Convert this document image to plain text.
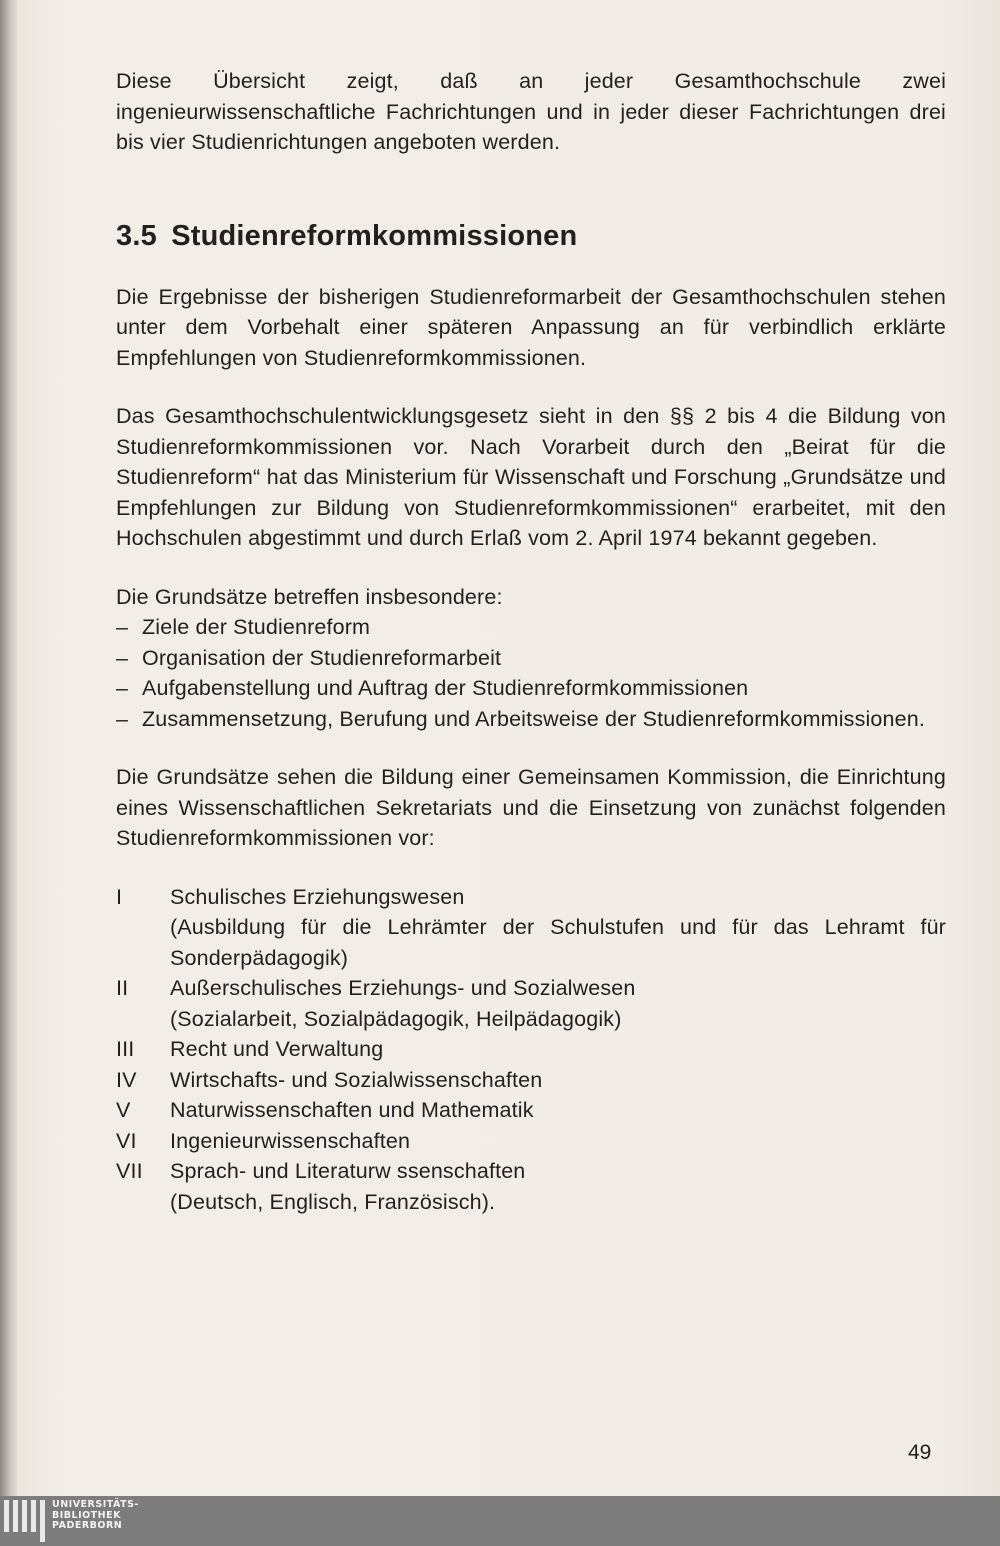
Diese Übersicht zeigt, daß an jeder Gesamthochschule zwei ingenieurwissenschaftliche Fachrichtungen und in jeder dieser Fachrichtungen drei bis vier Studienrichtungen angeboten werden.

3.5 Studienreformkommissionen

Die Ergebnisse der bisherigen Studienreformarbeit der Gesamthochschulen stehen unter dem Vorbehalt einer späteren Anpassung an für verbindlich erklärte Empfehlungen von Studienreformkommissionen.

Das Gesamthochschulentwicklungsgesetz sieht in den §§ 2 bis 4 die Bildung von Studienreformkommissionen vor. Nach Vorarbeit durch den „Beirat für die Studienreform“ hat das Ministerium für Wissenschaft und Forschung „Grundsätze und Empfehlungen zur Bildung von Studienreformkommissionen“ erarbeitet, mit den Hochschulen abgestimmt und durch Erlaß vom 2. April 1974 bekannt gegeben.

Die Grundsätze betreffen insbesondere:

– Ziele der Studienreform
– Organisation der Studienreformarbeit
– Aufgabenstellung und Auftrag der Studienreformkommissionen
– Zusammensetzung, Berufung und Arbeitsweise der Studienreformkommissionen.

Die Grundsätze sehen die Bildung einer Gemeinsamen Kommission, die Einrichtung eines Wissenschaftlichen Sekretariats und die Einsetzung von zunächst folgenden Studienreformkommissionen vor:

I	Schulisches Erziehungswesen
(Ausbildung für die Lehrämter der Schulstufen und für das Lehramt für Sonderpädagogik)
II	Außerschulisches Erziehungs- und Sozialwesen
(Sozialarbeit, Sozialpädagogik, Heilpädagogik)
III	Recht und Verwaltung
IV	Wirtschafts- und Sozialwissenschaften
V	Naturwissenschaften und Mathematik
VI	Ingenieurwissenschaften
VII	Sprach- und Literaturw ssenschaften
(Deutsch, Englisch, Französisch).
49
UNIVERSITÄTS-
BIBLIOTHEK
PADERBORN
